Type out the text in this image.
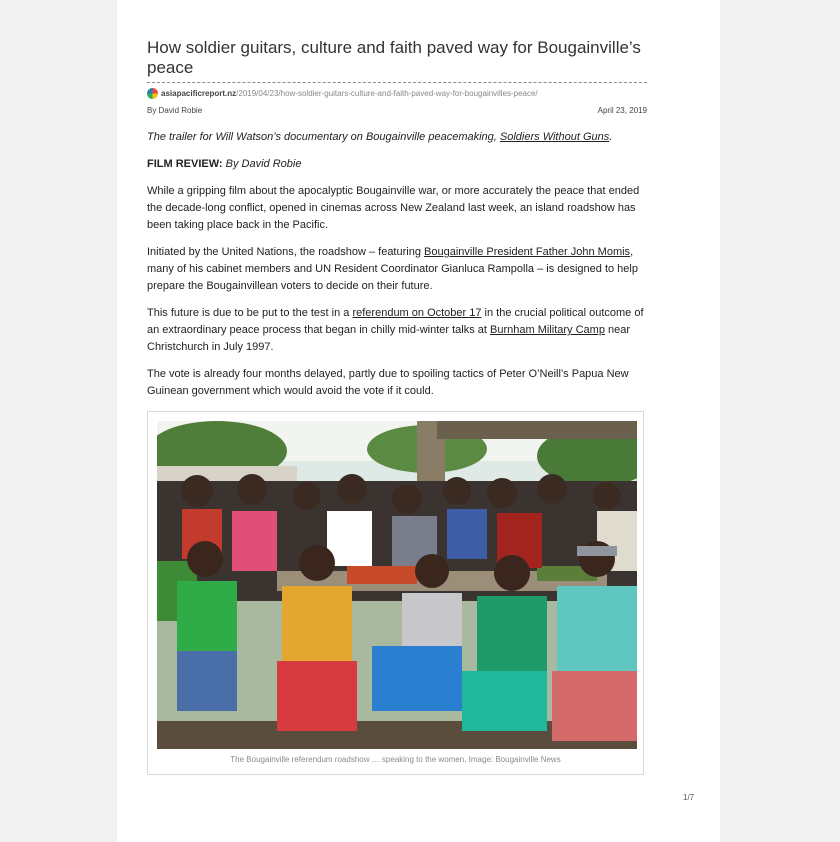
How soldier guitars, culture and faith paved way for Bougainville’s peace
asiapacificreport.nz /2019/04/23/how-soldier-guitars-culture-and-faith-paved-way-for-bougainvilles-peace/
By David Robie	April 23, 2019

The trailer for Will Watson’s documentary on Bougainville peacemaking, Soldiers Without Guns.

FILM REVIEW: By David Robie

While a gripping film about the apocalyptic Bougainville war, or more accurately the peace that ended the decade-long conflict, opened in cinemas across New Zealand last week, an island roadshow has been taking place back in the Pacific.

Initiated by the United Nations, the roadshow – featuring Bougainville President Father John Momis, many of his cabinet members and UN Resident Coordinator Gianluca Rampolla – is designed to help prepare the Bougainvillean voters to decide on their future.

This future is due to be put to the test in a referendum on October 17 in the crucial political outcome of an extraordinary peace process that began in chilly mid-winter talks at Burnham Military Camp near Christchurch in July 1997.

The vote is already four months delayed, partly due to spoiling tactics of Peter O’Neill’s Papua New Guinean government which would avoid the vote if it could.

The Bougainville referendum roadshow … speaking to the women. Image: Bougainville News
1/7
